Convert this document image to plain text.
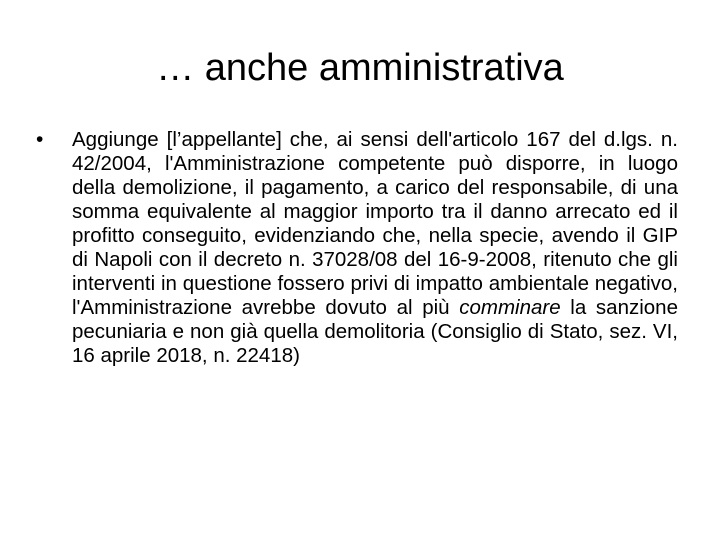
… anche amministrativa
•	Aggiunge [l’appellante] che, ai sensi dell'articolo 167 del d.lgs. n. 42/2004, l'Amministrazione competente può disporre, in luogo della demolizione, il pagamento, a carico del responsabile, di una somma equivalente al maggior importo tra il danno arrecato ed il profitto conseguito, evidenziando che, nella specie, avendo il GIP di Napoli con il decreto n. 37028/08 del 16-9-2008, ritenuto che gli interventi in questione fossero privi di impatto ambientale negativo, l'Amministrazione avrebbe dovuto al più comminare la sanzione pecuniaria e non già quella demolitoria (Consiglio di Stato, sez. VI, 16 aprile 2018, n. 22418)
